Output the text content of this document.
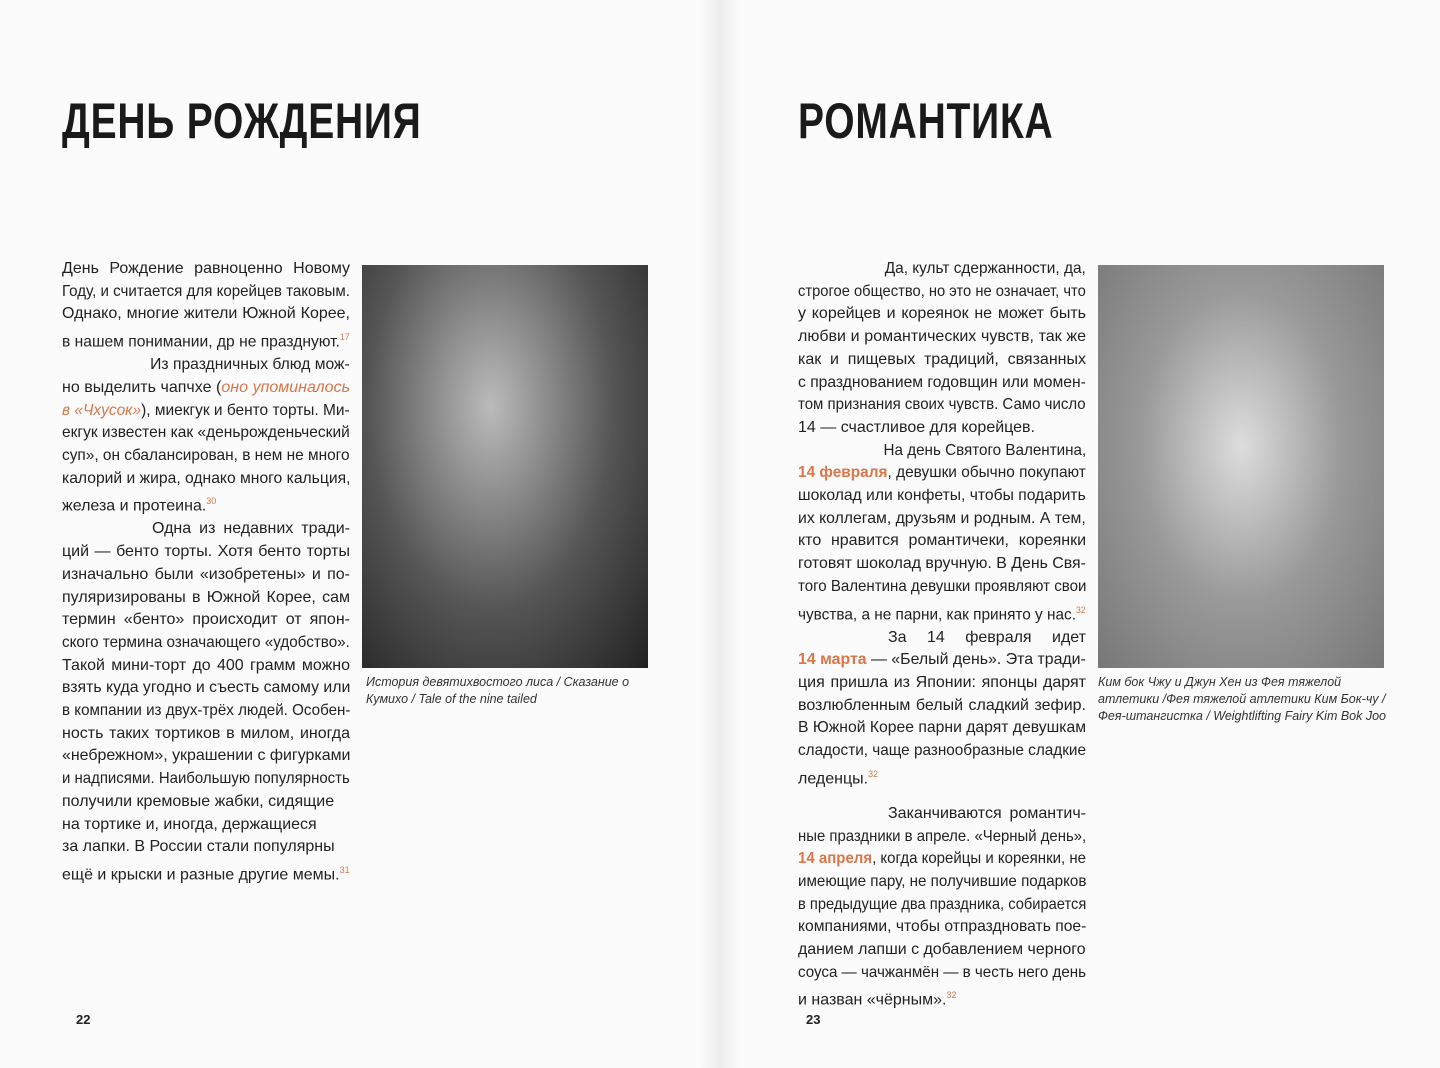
ДЕНЬ РОЖДЕНИЯ
День Рождение равноценно Новому
Году, и считается для корейцев таковым.
Однако, многие жители Южной Корее,
в нашем понимании, др не празднуют.$^{17}$
Из праздничных блюд мож-
но выделить чапчхе (оно упоминалось
в «Чхусок»), миекгук и бенто торты. Ми-
екгук известен как «деньрожденьческий
суп», он сбалансирован, в нем не много
калорий и жира, однако много кальция,
железа и протеина.$^{30}$
Одна из недавних тради-
ций — бенто торты. Хотя бенто торты
изначально были «изобретены» и по-
пуляризированы в Южной Корее, сам
термин «бенто» происходит от япон-
ского термина означающего «удобство».
Такой мини-торт до 400 грамм можно
взять куда угодно и съесть самому или
в компании из двух-трёх людей. Особен-
ность таких тортиков в милом, иногда
«небрежном», украшении с фигурками
и надписями. Наибольшую популярность
получили кремовые жабки, сидящие
на тортике и, иногда, держащиеся
за лапки. В России стали популярны
ещё и крыски и разные другие мемы.$^{31}$
История девятихвостого лиса / Сказание о Кумихо / Tale of the nine tailed
22
РОМАНТИКА
Да, культ сдержанности, да,
строгое общество, но это не означает, что
у корейцев и кореянок не может быть
любви и романтических чувств, так же
как и пищевых традиций, связанных
с празднованием годовщин или момен-
том признания своих чувств. Само число
14 — счастливое для корейцев.
На день Святого Валентина,
14 февраля, девушки обычно покупают
шоколад или конфеты, чтобы подарить
их коллегам, друзьям и родным. А тем,
кто нравится романтичеки, кореянки
готовят шоколад вручную. В День Свя-
того Валентина девушки проявляют свои
чувства, а не парни, как принято у нас.$^{32}$
За 14 февраля идет
14 марта — «Белый день». Эта тради-
ция пришла из Японии: японцы дарят
возлюбленным белый сладкий зефир.
В Южной Корее парни дарят девушкам
сладости, чаще разнообразные сладкие
леденцы.$^{32}$
Заканчиваются романтич-
ные праздники в апреле. «Черный день»,
14 апреля, когда корейцы и кореянки, не
имеющие пару, не получившие подарков
в предыдущие два праздника, собирается
компаниями, чтобы отпраздновать пое-
данием лапши с добавлением черного
соуса — чачжанмён — в честь него день
и назван «чёрным».$^{32}$
Ким бок Чжу и Джун Хен из Фея тяжелой атлетики /Фея тяжелой атлетики Ким Бок-чу / Фея-штангистка / Weightlifting Fairy Kim Bok Joo
23
